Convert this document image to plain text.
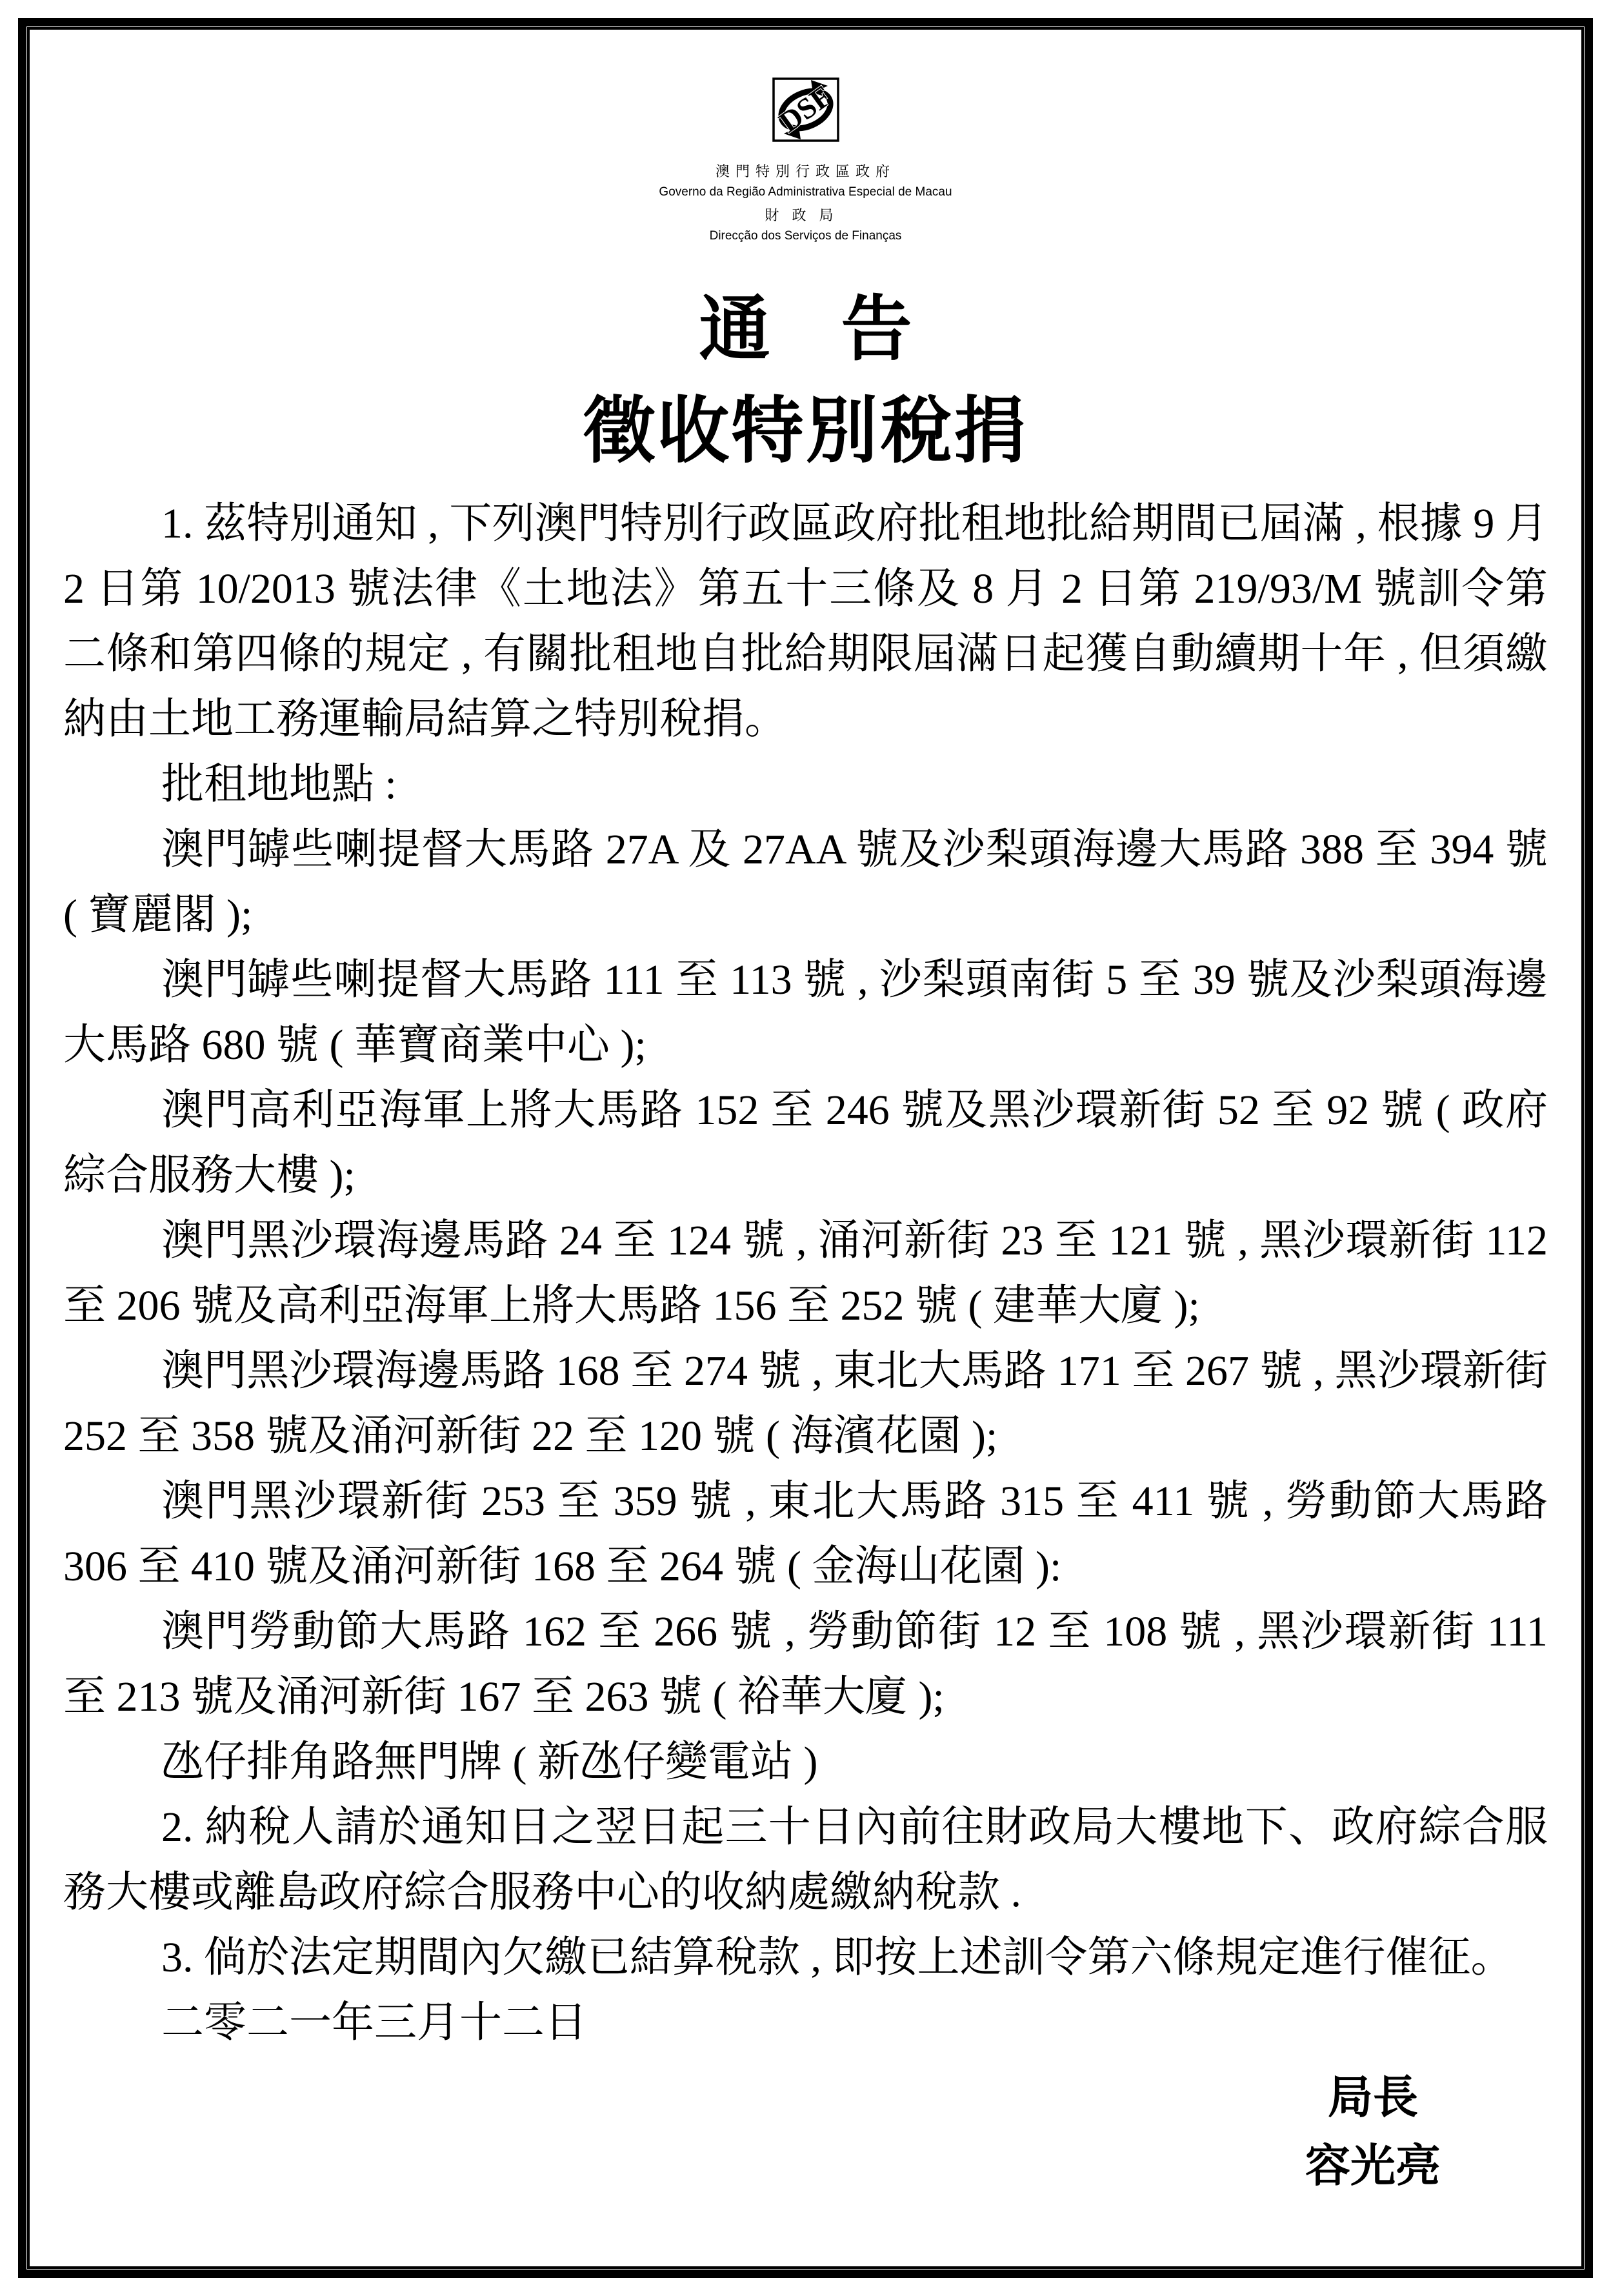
DSF
澳門特別行政區政府
Governo da Região Administrativa Especial de Macau
財政局
Direcção dos Serviços de Finanças
通　告
徵收特別稅捐

1. 茲特別通知 , 下列澳門特別行政區政府批租地批給期間已屆滿 , 根據 9 月 2 日第 10/2013 號法律《土地法》第五十三條及 8 月 2 日第 219/93/M 號訓令第二條和第四條的規定 , 有關批租地自批給期限屆滿日起獲自動續期十年 , 但須繳納由土地工務運輸局結算之特別稅捐。

批租地地點 :

澳門罅些喇提督大馬路 27A 及 27AA 號及沙梨頭海邊大馬路 388 至 394 號 ( 寶麗閣 );

澳門罅些喇提督大馬路 111 至 113 號 , 沙梨頭南街 5 至 39 號及沙梨頭海邊大馬路 680 號 ( 華寶商業中心 );

澳門高利亞海軍上將大馬路 152 至 246 號及黑沙環新街 52 至 92 號 ( 政府綜合服務大樓 );

澳門黑沙環海邊馬路 24 至 124 號 , 涌河新街 23 至 121 號 , 黑沙環新街 112 至 206 號及高利亞海軍上將大馬路 156 至 252 號 ( 建華大廈 );

澳門黑沙環海邊馬路 168 至 274 號 , 東北大馬路 171 至 267 號 , 黑沙環新街 252 至 358 號及涌河新街 22 至 120 號 ( 海濱花園 );

澳門黑沙環新街 253 至 359 號 , 東北大馬路 315 至 411 號 , 勞動節大馬路 306 至 410 號及涌河新街 168 至 264 號 ( 金海山花園 ):

澳門勞動節大馬路 162 至 266 號 , 勞動節街 12 至 108 號 , 黑沙環新街 111 至 213 號及涌河新街 167 至 263 號 ( 裕華大廈 );

氹仔排角路無門牌 ( 新氹仔變電站 )

2. 納稅人請於通知日之翌日起三十日內前往財政局大樓地下、政府綜合服務大樓或離島政府綜合服務中心的收納處繳納稅款 .

3. 倘於法定期間內欠繳已結算稅款 , 即按上述訓令第六條規定進行催征。

二零二一年三月十二日

局長
容光亮
